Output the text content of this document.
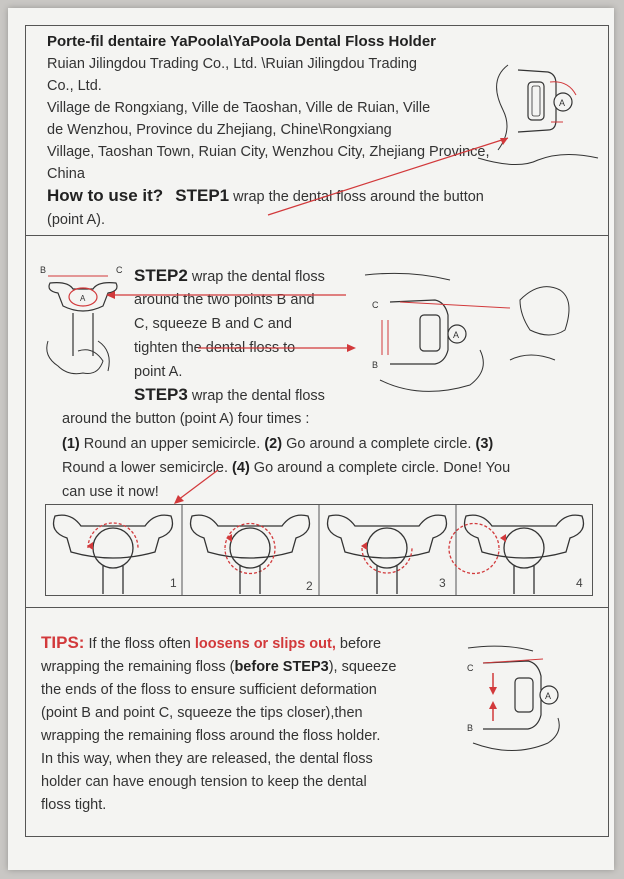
Porte-fil dentaire YaPoola\YaPoola Dental Floss Holder
Ruian Jilingdou Trading Co., Ltd. \Ruian Jilingdou Trading
Co., Ltd.
Village de Rongxiang, Ville de Taoshan, Ville de Ruian, Ville
de Wenzhou, Province du Zhejiang, Chine\Rongxiang
Village, Taoshan Town, Ruian City, Wenzhou City, Zhejiang Province,
China
How to use it? STEP1 wrap the dental floss around the button
(point A).
A
B	C
A
STEP2 wrap the dental floss
around the two points B and
C, squeeze B and C and
tighten the dental floss to
point A.
STEP3 wrap the dental floss
around the button (point A) four times :
(1) Round an upper semicircle. (2) Go around a complete circle. (3)
Round a lower semicircle. (4) Go around a complete circle. Done! You
can use it now!
C
B
A
1	2	3	4
TIPS: If the floss often loosens or slips out, before
wrapping the remaining floss (before STEP3), squeeze
the ends of the floss to ensure sufficient deformation
(point B and point C, squeeze the tips closer),then
wrapping the remaining floss around the floss holder.
In this way, when they are released, the dental floss
holder can have enough tension to keep the dental
floss tight.
C
B
A
